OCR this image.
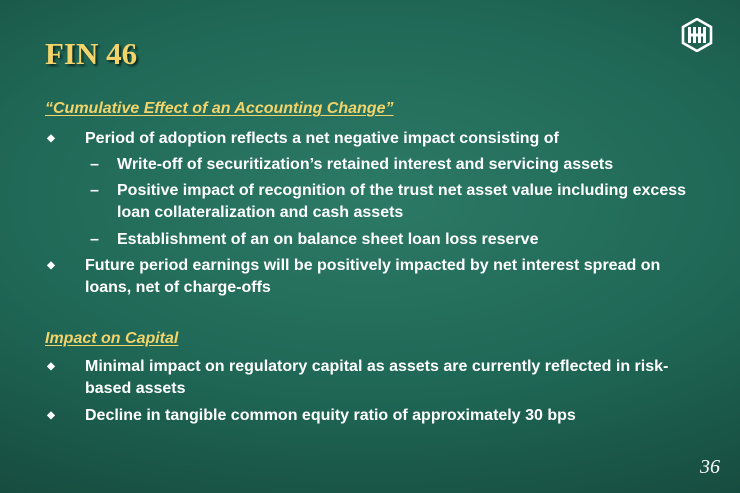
FIN 46

“Cumulative Effect of an Accounting Change”

◆ Period of adoption reflects a net negative impact consisting of
– Write-off of securitization’s retained interest and servicing assets
– Positive impact of recognition of the trust net asset value including excess loan collateralization and cash assets
– Establishment of an on balance sheet loan loss reserve
◆ Future period earnings will be positively impacted by net interest spread on loans, net of charge-offs

Impact on Capital

◆ Minimal impact on regulatory capital as assets are currently reflected in risk-based assets
◆ Decline in tangible common equity ratio of approximately 30 bps

36
